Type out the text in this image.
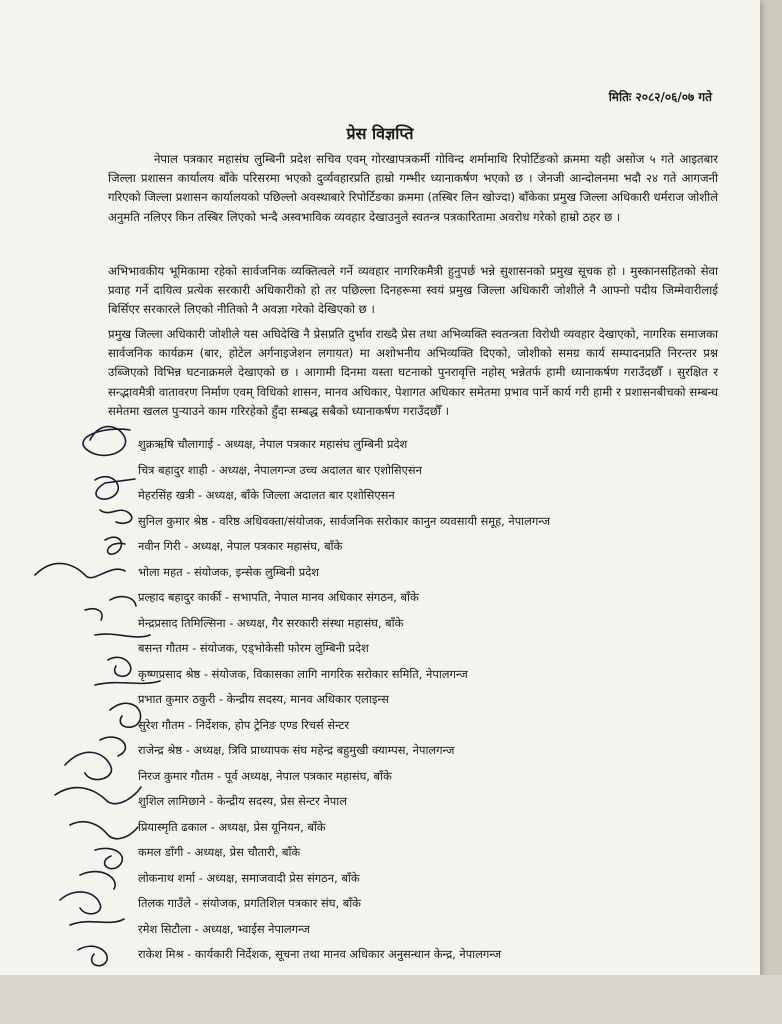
मितिः २०८२/०६/०७ गते
प्रेस विज्ञप्ति

नेपाल पत्रकार महासंघ लुम्बिनी प्रदेश सचिव एवम् गोरखापत्रकर्मी गोविन्द शर्मामाथि रिपोर्टिङको क्रममा यही असोज ५ गते आइतबार जिल्ला प्रशासन कार्यालय बाँके परिसरमा भएको दुर्व्यवहारप्रति हाम्रो गम्भीर ध्यानाकर्षण भएको छ । जेनजी आन्दोलनमा भदौ २४ गते आगजनी गरिएको जिल्ला प्रशासन कार्यालयको पछिल्लो अवस्थाबारे रिपोर्टिङका क्रममा (तस्बिर लिन खोज्दा) बाँकेका प्रमुख जिल्ला अधिकारी धर्मराज जोशीले अनुमति नलिएर किन तस्बिर लिएको भन्दै अस्वभाविक व्यवहार देखाउनुले स्वतन्त्र पत्रकारितामा अवरोध गरेको हाम्रो ठहर छ ।

अभिभावकीय भूमिकामा रहेको सार्वजनिक व्यक्तित्वले गर्ने व्यवहार नागरिकमैत्री हुनुपर्छ भन्ने सुशासनको प्रमुख सूचक हो । मुस्कानसहितको सेवा प्रवाह गर्ने दायित्व प्रत्येक सरकारी अधिकारीको हो तर पछिल्ला दिनहरूमा स्वयं प्रमुख जिल्ला अधिकारी जोशीले नै आफ्नो पदीय जिम्मेवारीलाई बिर्सिएर सरकारले लिएको नीतिको नै अवज्ञा गरेको देखिएको छ ।

प्रमुख जिल्ला अधिकारी जोशीले यस अघिदेखि नै प्रेसप्रति दुर्भाव राख्दै प्रेस तथा अभिव्यक्ति स्वतन्त्रता विरोधी व्यवहार देखाएको, नागरिक समाजका सार्वजनिक कार्यक्रम (बार, होटेल अर्गनाइजेशन लगायत) मा अशोभनीय अभिव्यक्ति दिएको, जोशीको समग्र कार्य सम्पादनप्रति निरन्तर प्रश्न उब्जिएको विभिन्न घटनाक्रमले देखाएको छ । आगामी दिनमा यस्ता घटनाको पुनरावृत्ति नहोस् भन्नेतर्फ हामी ध्यानाकर्षण गराउँदछौँ । सुरक्षित र सन्द्भावमैत्री वातावरण निर्माण एवम् विधिको शासन, मानव अधिकार, पेशागत अधिकार समेतमा प्रभाव पार्ने कार्य गरी हामी र प्रशासनबीचको सम्बन्ध समेतमा खलल पुऱ्याउने काम गरिरहेको हुँदा सम्बद्ध सबैको ध्यानाकर्षण गराउँदछौँ ।

शुक्रऋषि चौलागाई - अध्यक्ष, नेपाल पत्रकार महासंघ लुम्बिनी प्रदेश
चित्र बहादुर शाही - अध्यक्ष, नेपालगन्ज उच्च अदालत बार एशोसिएसन
मेहरसिंह खत्री - अध्यक्ष, बाँके जिल्ला अदालत बार एशोसिएसन
सुनिल कुमार श्रेष्ठ - वरिष्ठ अधिवक्ता/संयोजक, सार्वजनिक सरोकार कानुन व्यवसायी समूह, नेपालगन्ज
नवीन गिरी - अध्यक्ष, नेपाल पत्रकार महासंघ, बाँके
भोला महत - संयोजक, इन्सेक लुम्बिनी प्रदेश
प्रल्हाद बहादुर कार्की - सभापति, नेपाल मानव अधिकार संगठन, बाँके
मेन्द्रप्रसाद तिमिल्सिना - अध्यक्ष, गैर सरकारी संस्था महासंघ, बाँके
बसन्त गौतम - संयोजक, एड्भोकेसी फोरम लुम्बिनी प्रदेश
कृष्णप्रसाद श्रेष्ठ - संयोजक, विकासका लागि नागरिक सरोकार समिति, नेपालगन्ज
प्रभात कुमार ठकुरी - केन्द्रीय सदस्य, मानव अधिकार एलाइन्स
सुरेश गौतम - निर्देशक, होप ट्रेनिङ एण्ड रिचर्स सेन्टर
राजेन्द्र श्रेष्ठ - अध्यक्ष, त्रिवि प्राध्यापक संघ महेन्द्र बहुमुखी क्याम्पस, नेपालगन्ज
निरज कुमार गौतम - पूर्व अध्यक्ष, नेपाल पत्रकार महासंघ, बाँके
शुशिल लामिछाने - केन्द्रीय सदस्य, प्रेस सेन्टर नेपाल
प्रियास्मृति ढकाल - अध्यक्ष, प्रेस यूनियन, बाँके
कमल डाँगी - अध्यक्ष, प्रेस चौतारी, बाँके
लोकनाथ शर्मा - अध्यक्ष, समाजवादी प्रेस संगठन, बाँके
तिलक गाउँले - संयोजक, प्रगतिशिल पत्रकार संघ, बाँके
रमेश सिटौला - अध्यक्ष, भ्वाईस नेपालगन्ज
राकेश मिश्र - कार्यकारी निर्देशक, सूचना तथा मानव अधिकार अनुसन्धान केन्द्र, नेपालगन्ज
